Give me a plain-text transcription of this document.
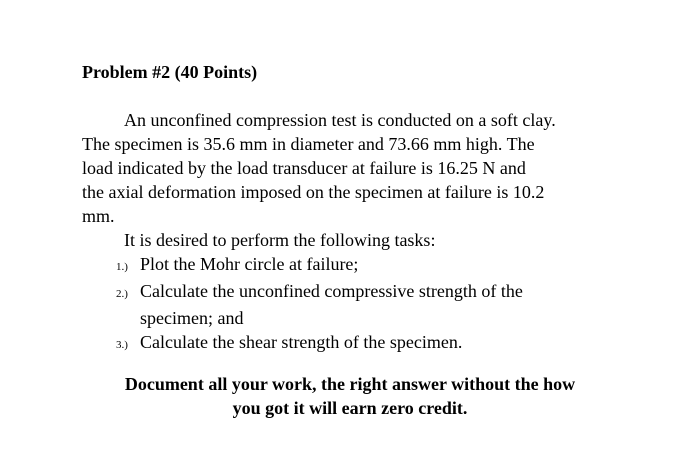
Problem #2 (40 Points)

An unconfined compression test is conducted on a soft clay.
The specimen is 35.6 mm in diameter and 73.66 mm high. The
load indicated by the load transducer at failure is 16.25 N and
the axial deformation imposed on the specimen at failure is 10.2
mm.

It is desired to perform the following tasks:
1.) Plot the Mohr circle at failure;
2.) Calculate the unconfined compressive strength of the
specimen; and
3.) Calculate the shear strength of the specimen.

Document all your work, the right answer without the how
you got it will earn zero credit.
